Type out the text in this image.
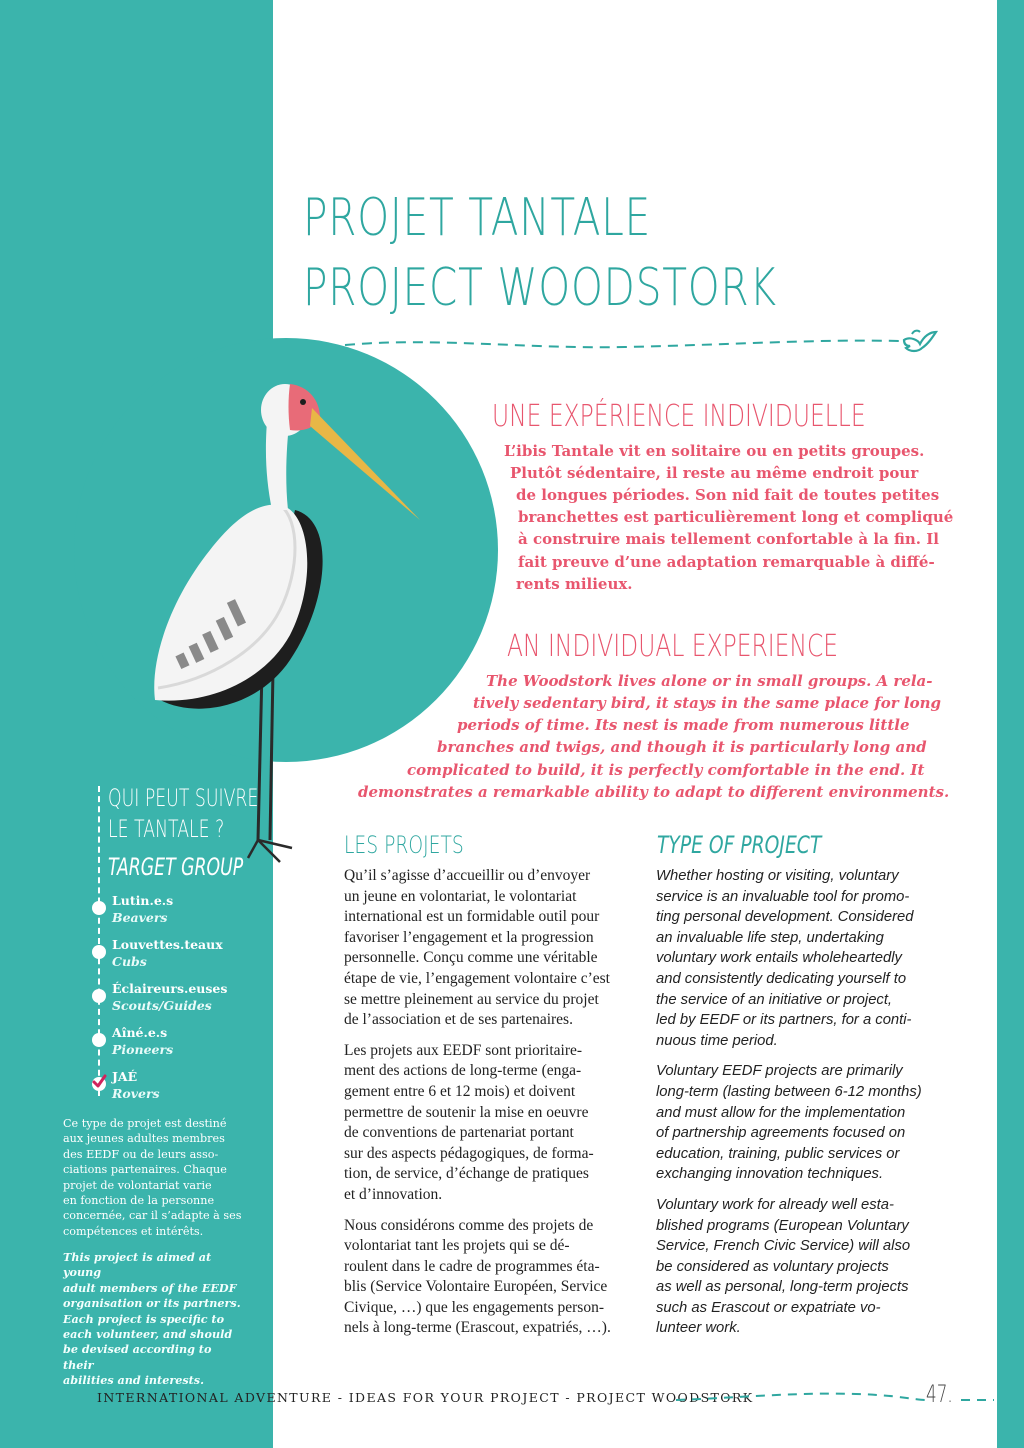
PROJET TANTALE
PROJECT WOODSTORK
UNE EXPÉRIENCE INDIVIDUELLE
L’ibis Tantale vit en solitaire ou en petits groupes.
Plutôt sédentaire, il reste au même endroit pour
de longues périodes. Son nid fait de toutes petites
branchettes est particulièrement long et compliqué
à construire mais tellement confortable à la fin. Il
fait preuve d’une adaptation remarquable à diffé-
rents milieux.
AN INDIVIDUAL EXPERIENCE
The Woodstork lives alone or in small groups. A rela-
tively sedentary bird, it stays in the same place for long
periods of time. Its nest is made from numerous little
branches and twigs, and though it is particularly long and
complicated to build, it is perfectly comfortable in the end. It
demonstrates a remarkable ability to adapt to different environments.
LES PROJETS	TYPE OF PROJECT

Qu’il s’agisse d’accueillir ou d’envoyer
un jeune en volontariat, le volontariat
international est un formidable outil pour
favoriser l’engagement et la progression
personnelle. Conçu comme une véritable
étape de vie, l’engagement volontaire c’est
se mettre pleinement au service du projet
de l’association et de ses partenaires.

Les projets aux EEDF sont prioritaire-
ment des actions de long-terme (enga-
gement entre 6 et 12 mois) et doivent
permettre de soutenir la mise en oeuvre
de conventions de partenariat portant
sur des aspects pédagogiques, de forma-
tion, de service, d’échange de pratiques
et d’innovation.

Nous considérons comme des projets de
volontariat tant les projets qui se dé-
roulent dans le cadre de programmes éta-
blis (Service Volontaire Européen, Service
Civique, …) que les engagements person-
nels à long-terme (Erascout, expatriés, …).

Whether hosting or visiting, voluntary
service is an invaluable tool for promo-
ting personal development. Considered
an invaluable life step, undertaking
voluntary work entails wholeheartedly
and consistently dedicating yourself to
the service of an initiative or project,
led by EEDF or its partners, for a conti-
nuous time period.

Voluntary EEDF projects are primarily
long-term (lasting between 6-12 months)
and must allow for the implementation
of partnership agreements focused on
education, training, public services or
exchanging innovation techniques.

Voluntary work for already well esta-
blished programs (European Voluntary
Service, French Civic Service) will also
be considered as voluntary projects
as well as personal, long-term projects
such as Erascout or expatriate vo-
lunteer work.

QUI PEUT SUIVRE
LE TANTALE ?
TARGET GROUP
Lutin.e.s
Beavers
Louvettes.teaux
Cubs
Éclaireurs.euses
Scouts/Guides
Aîné.e.s
Pioneers
JAÉ
Rovers
Ce type de projet est destiné
aux jeunes adultes membres
des EEDF ou de leurs asso-
ciations partenaires. Chaque
projet de volontariat varie
en fonction de la personne
concernée, car il s’adapte à ses
compétences et intérêts.
This project is aimed at young
adult members of the EEDF
organisation or its partners.
Each project is specific to
each volunteer, and should
be devised according to their
abilities and interests.
INTERNATIONAL ADVENTURE - IDEAS FOR YOUR PROJECT - PROJECT WOODSTORK	47.
